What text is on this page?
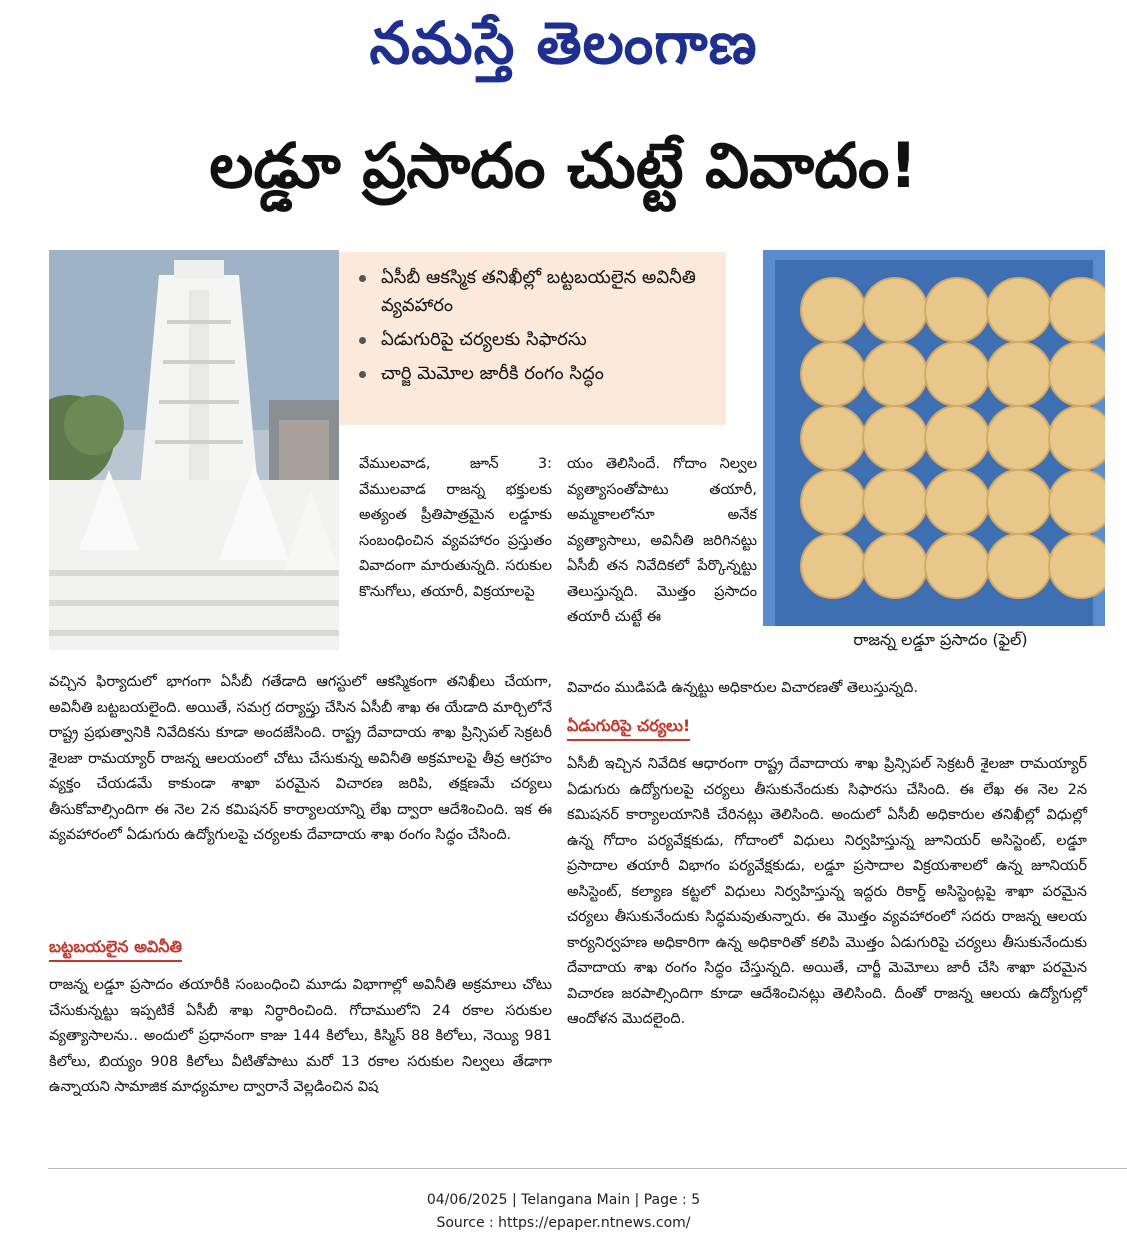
నమస్తే తెలంగాణ
లడ్డూ ప్రసాదం చుట్టే వివాదం!
ఏసీబీ ఆకస్మిక తనిఖీల్లో బట్టబయలైన అవినీతి వ్యవహారం
ఏడుగురిపై చర్యలకు సిఫారసు
చార్జి మెమోల జారీకి రంగం సిద్ధం
రాజన్న లడ్డూ ప్రసాదం (ఫైల్)

వేములవాడ, జూన్ 3: వేములవాడ రాజన్న భక్తులకు అత్యంత ప్రీతిపాత్రమైన లడ్డూకు సంబంధించిన వ్యవహారం ప్రస్తుతం వివాదంగా మారుతున్నది. సరుకుల కొనుగోలు, తయారీ, విక్రయాలపై

వచ్చిన ఫిర్యాదులో భాగంగా ఏసీబీ గతేడాది ఆగస్టులో ఆకస్మికంగా తనిఖీలు చేయగా, అవినీతి బట్టబయలైంది. అయితే, సమగ్ర దర్యాప్తు చేసిన ఏసీబీ శాఖ ఈ యేడాది మార్చిలోనే రాష్ట్ర ప్రభుత్వానికి నివేదికను కూడా అందజేసింది. రాష్ట్ర దేవాదాయ శాఖ ప్రిన్సిపల్ సెక్రటరీ శైలజా రామయ్యార్ రాజన్న ఆలయంలో చోటు చేసుకున్న అవినీతి అక్రమాలపై తీవ్ర ఆగ్రహం వ్యక్తం చేయడమే కాకుండా శాఖా పరమైన విచారణ జరిపి, తక్షణమే చర్యలు తీసుకోవాల్సిందిగా ఈ నెల 2న కమిషనర్ కార్యాలయాన్ని లేఖ ద్వారా ఆదేశించింది. ఇక ఈ వ్యవహారంలో ఏడుగురు ఉద్యోగులపై చర్యలకు దేవాదాయ శాఖ రంగం సిద్ధం చేసింది.

బట్టబయలైన అవినీతి

రాజన్న లడ్డూ ప్రసాదం తయారీకి సంబంధించి మూడు విభాగాల్లో అవినీతి అక్రమాలు చోటు చేసుకున్నట్టు ఇప్పటికే ఏసీబీ శాఖ నిర్ధారించింది. గోదాములోని 24 రకాల సరుకుల వ్యత్యాసాలను.. అందులో ప్రధానంగా కాజు 144 కిలోలు, కిస్మిస్ 88 కిలోలు, నెయ్యి 981 కిలోలు, బియ్యం 908 కిలోలు వీటితోపాటు మరో 13 రకాల సరుకుల నిల్వలు తేడాగా ఉన్నాయని సామాజిక మాధ్యమాల ద్వారానే వెల్లడించిన విష

యం తెలిసిందే. గోదాం నిల్వల వ్యత్యాసంతోపాటు తయారీ, అమ్మకాలలోనూ అనేక వ్యత్యాసాలు, అవినీతి జరిగినట్టు ఏసీబీ తన నివేదికలో పేర్కొన్నట్టు తెలుస్తున్నది. మొత్తం ప్రసాదం తయారీ చుట్టే ఈ

వివాదం ముడిపడి ఉన్నట్టు అధికారుల విచారణతో తెలుస్తున్నది.

ఏడుగురిపై చర్యలు!

ఏసీబీ ఇచ్చిన నివేదిక ఆధారంగా రాష్ట్ర దేవాదాయ శాఖ ప్రిన్సిపల్ సెక్రటరీ శైలజా రామయ్యార్ ఏడుగురు ఉద్యోగులపై చర్యలు తీసుకునేందుకు సిఫారసు చేసింది. ఈ లేఖ ఈ నెల 2న కమిషనర్ కార్యాలయానికి చేరినట్లు తెలిసింది. అందులో ఏసీబీ అధికారుల తనిఖీల్లో విధుల్లో ఉన్న గోదాం పర్యవేక్షకుడు, గోదాంలో విధులు నిర్వహిస్తున్న జూనియర్ అసిస్టెంట్, లడ్డూ ప్రసాదాల తయారీ విభాగం పర్యవేక్షకుడు, లడ్డూ ప్రసాదాల విక్రయశాలలో ఉన్న జూనియర్ అసిస్టెంట్, కల్యాణ కట్టలో విధులు నిర్వహిస్తున్న ఇద్దరు రికార్డ్ అసిస్టెంట్లపై శాఖా పరమైన చర్యలు తీసుకునేందుకు సిద్ధమవుతున్నారు. ఈ మొత్తం వ్యవహారంలో సదరు రాజన్న ఆలయ కార్యనిర్వహణ అధికారిగా ఉన్న అధికారితో కలిపి మొత్తం ఏడుగురిపై చర్యలు తీసుకునేందుకు దేవాదాయ శాఖ రంగం సిద్ధం చేస్తున్నది. అయితే, చార్జీ మెమోలు జారీ చేసి శాఖా పరమైన విచారణ జరపాల్సిందిగా కూడా ఆదేశించినట్లు తెలిసింది. దీంతో రాజన్న ఆలయ ఉద్యోగుల్లో ఆందోళన మొదలైంది.

04/06/2025 | Telangana Main | Page : 5
Source : https://epaper.ntnews.com/
